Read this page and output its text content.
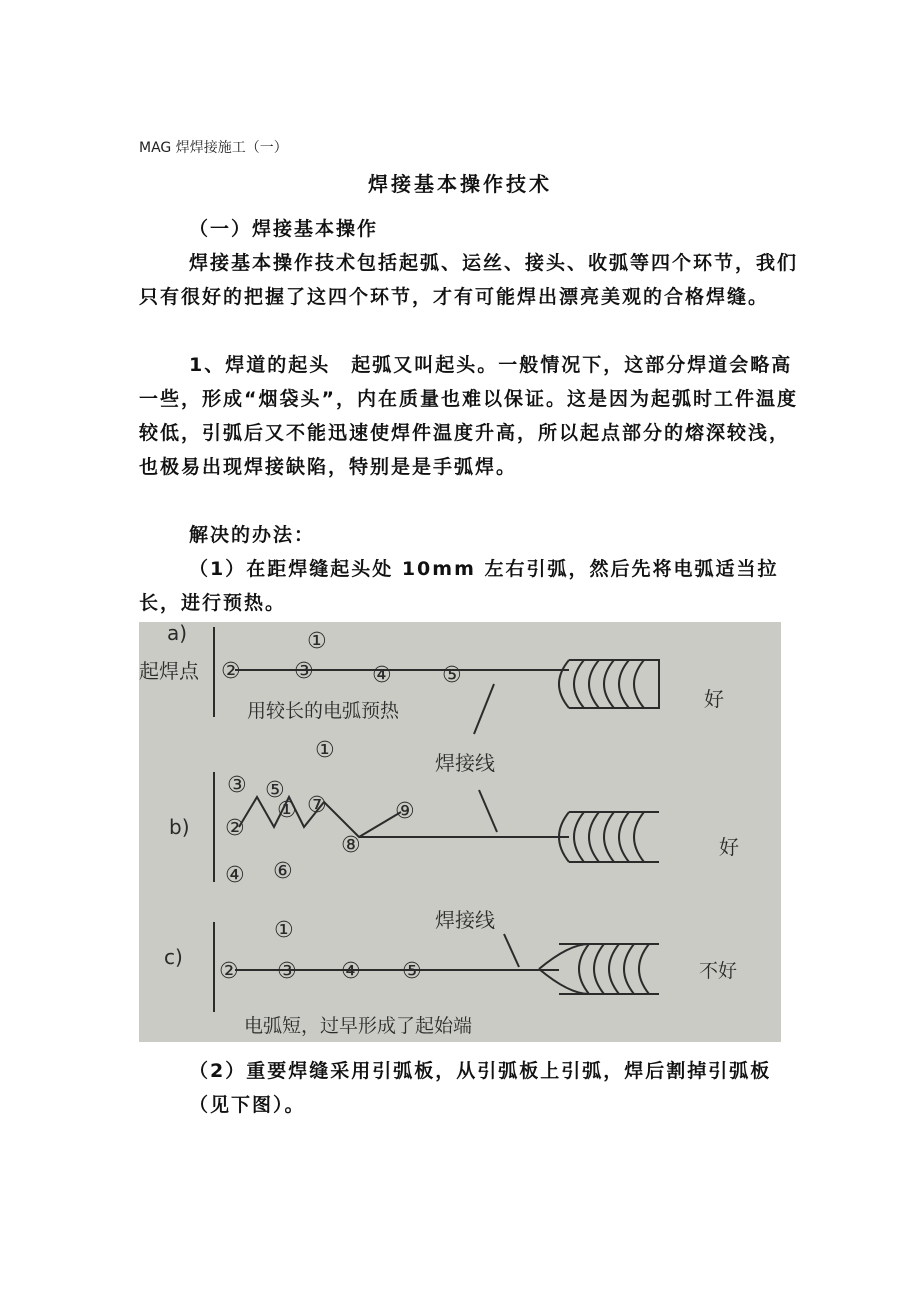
MAG 焊焊接施工（一）
焊接基本操作技术
（一）焊接基本操作
焊接基本操作技术包括起弧、运丝、接头、收弧等四个环节，我们只有很好的把握了这四个环节，才有可能焊出漂亮美观的合格焊缝。
1、焊道的起头　起弧又叫起头。一般情况下，这部分焊道会略高一些，形成“烟袋头”，内在质量也难以保证。这是因为起弧时工件温度较低，引弧后又不能迅速使焊件温度升高，所以起点部分的熔深较浅，也极易出现焊接缺陷，特别是是手弧焊。
解决的办法：
（1）在距焊缝起头处 10mm 左右引弧，然后先将电弧适当拉长，进行预热。
a)
起焊点
用较长的电弧预热	好
b)
焊接线
好
c)
焊接线
不好
电弧短，过早形成了起始端
①
② ③	④ ⑤
①
③ ⑤
① ⑦
②
⑧
⑨
④ ⑥
①
② ③ ④ ⑤
（2）重要焊缝采用引弧板，从引弧板上引弧，焊后割掉引弧板（见下图）。
